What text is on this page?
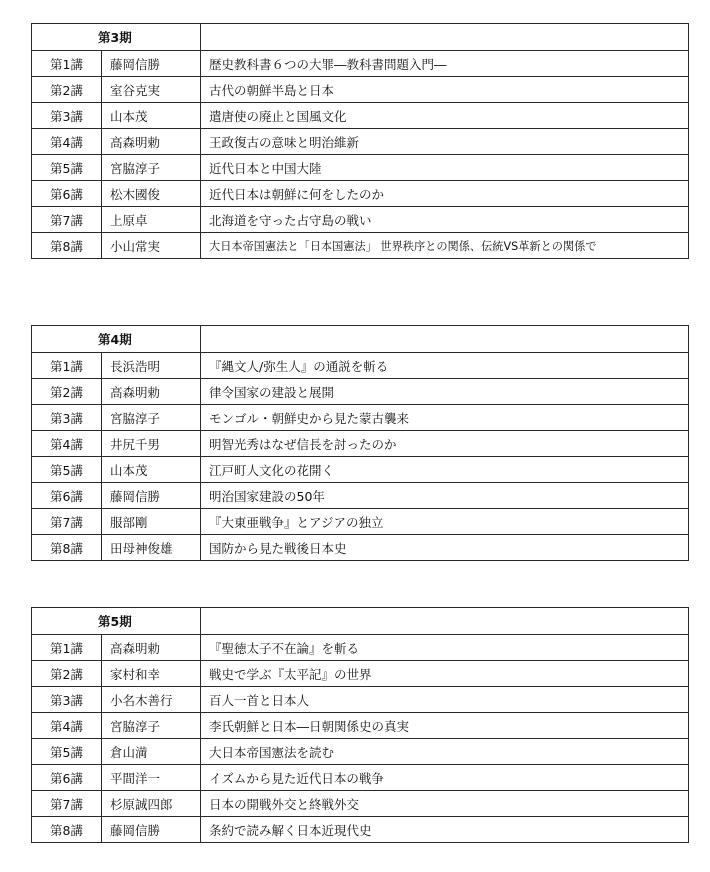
第3期		
第1講	藤岡信勝	歴史教科書６つの大罪―教科書問題入門―
第2講	室谷克実	古代の朝鮮半島と日本
第3講	山本茂	遣唐使の廃止と国風文化
第4講	高森明勅	王政復古の意味と明治維新
第5講	宮脇淳子	近代日本と中国大陸
第6講	松木國俊	近代日本は朝鮮に何をしたのか
第7講	上原卓	北海道を守った占守島の戦い
第8講	小山常実	大日本帝国憲法と「日本国憲法」 世界秩序との関係、伝統VS革新との関係で
第4期		
第1講	長浜浩明	『縄文人/弥生人』の通説を斬る
第2講	高森明勅	律令国家の建設と展開
第3講	宮脇淳子	モンゴル・朝鮮史から見た蒙古襲来
第4講	井尻千男	明智光秀はなぜ信長を討ったのか
第5講	山本茂	江戸町人文化の花開く
第6講	藤岡信勝	明治国家建設の50年
第7講	服部剛	『大東亜戦争』とアジアの独立
第8講	田母神俊雄	国防から見た戦後日本史
第5期		
第1講	高森明勅	『聖徳太子不在論』を斬る
第2講	家村和幸	戦史で学ぶ『太平記』の世界
第3講	小名木善行	百人一首と日本人
第4講	宮脇淳子	李氏朝鮮と日本―日朝関係史の真実
第5講	倉山満	大日本帝国憲法を読む
第6講	平間洋一	イズムから見た近代日本の戦争
第7講	杉原誠四郎	日本の開戦外交と終戦外交
第8講	藤岡信勝	条約で読み解く日本近現代史
